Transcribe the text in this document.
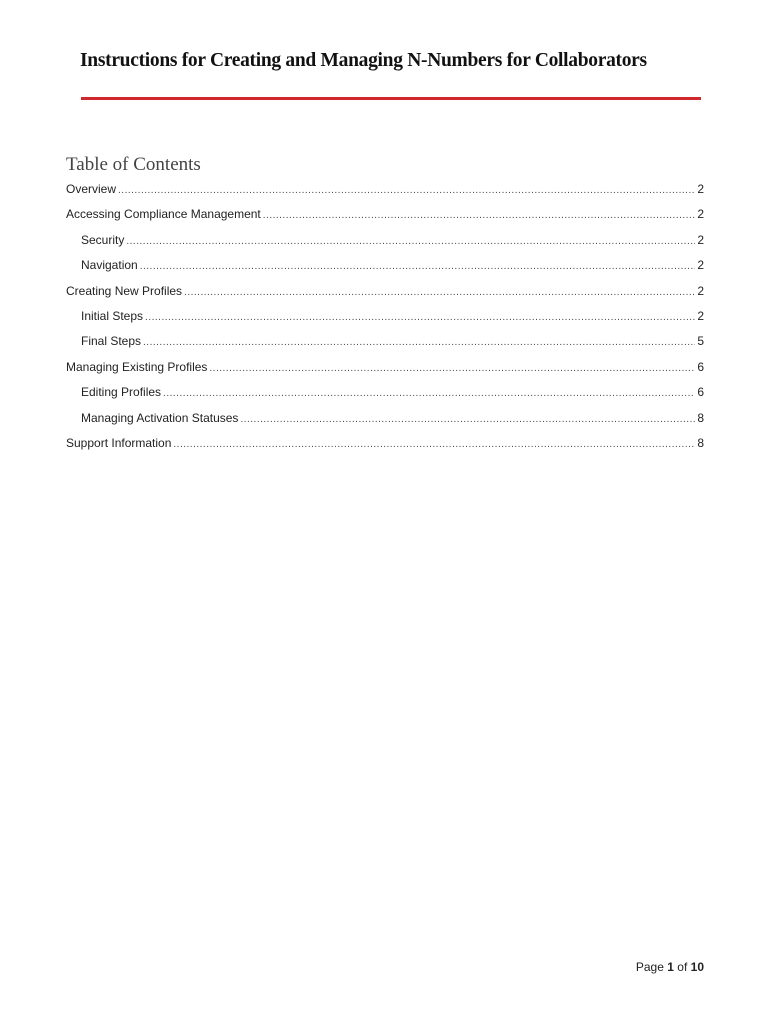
Instructions for Creating and Managing N-Numbers for Collaborators
Table of Contents
Overview .....	2
Accessing Compliance Management .....	2
Security .....	2
Navigation .....	2
Creating New Profiles .....	2
Initial Steps .....	2
Final Steps .....	5
Managing Existing Profiles .....	6
Editing Profiles .....	6
Managing Activation Statuses .....	8
Support Information .....	8
Page 1 of 10
